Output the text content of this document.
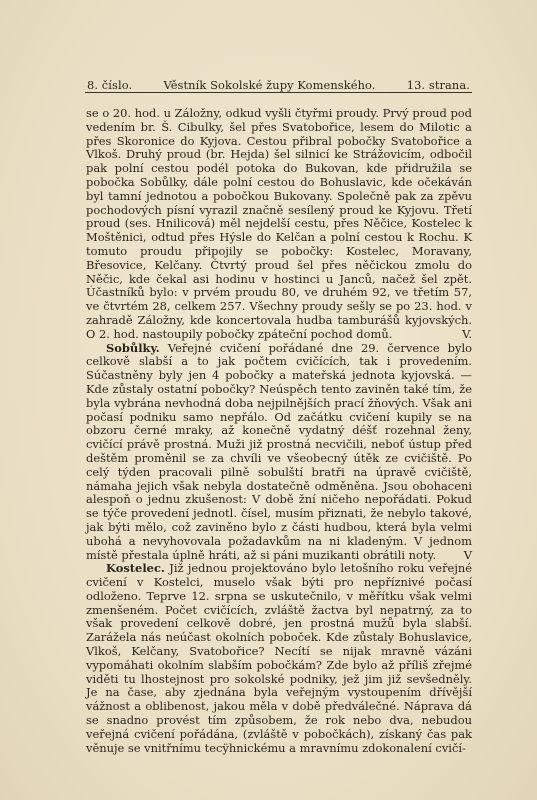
8. číslo.	Věstník Sokolské župy Komenského.	13. strana.

se o 20. hod. u Záložny, odkud vyšli čtyřmi proudy. Prvý proud pod vedením br. Š. Cibulky, šel přes Svatobořice, lesem do Milotic a přes Skoronice do Kyjova. Cestou přibral pobočky Svatobořice a Vlkoš. Druhý proud (br. Hejda) šel silnicí ke Strážovicím, odbočil pak polní cestou podél potoka do Bukovan, kde přidružila se pobočka Sobůlky, dále polní cestou do Bohuslavic, kde očekáván byl tamní jednotou a pobočkou Bukovany. Společně pak za zpěvu pochodových písní vyrazil značně sesílený proud ke Kyjovu. Třetí proud (ses. Hnilicová) měl nejdelší cestu, přes Něčice, Kostelec k Moštěnici, odtud přes Hýsle do Kelčan a polní cestou k Rochu. K tomuto proudu připojily se pobočky: Kostelec, Moravany, Břesovice, Kelčany. Čtvrtý proud šel přes něčickou zmolu do Něčic, kde čekal asi hodinu v hostinci u Janců, načež šel zpět. Účastníků bylo: v prvém proudu 80, ve druhém 92, ve třetím 57, ve čtvrtém 28, celkem 257. Všechny proudy sešly se po 23. hod. v zahradě Záložny, kde koncertovala hudba tamburášů kyjovských. O 2. hod. nastoupily pobočky zpáteční pochod domů.	V.

Sobůlky. Veřejné cvičení pořádané dne 29. července bylo celkově slabší a to jak počtem cvičících, tak i provedením. Súčastněny byly jen 4 pobočky a mateřská jednota kyjovská. — Kde zůstaly ostatní pobočky? Neúspěch tento zaviněn také tím, že byla vybrána nevhodná doba nejpilnějších prací žňových. Však ani počasí podniku samo nepřálo. Od začátku cvičení kupily se na obzoru černé mraky, až konečně vydatný déšť rozehnal ženy, cvičící právě prostná. Muži již prostná necvičili, neboť ústup před deštěm proměnil se za chvíli ve všeobecný útěk ze cvičiště. Po celý týden pracovali pilně sobulští bratři na úpravě cvičiště, námaha jejich však nebyla dostatečně odměněna. Jsou obohaceni alespoň o jednu zkušenost: V době žní ničeho nepořádati. Pokud se týče provedení jednotl. čísel, musím přiznati, že nebylo takové, jak býti mělo, což zaviněno bylo z části hudbou, která byla velmi ubohá a nevyhovovala požadavkům na ni kladeným. V jednom místě přestala úplně hráti, až si páni muzikanti obrátili noty.	V

Kostelec. Již jednou projektováno bylo letošního roku veřejné cvičení v Kostelci, muselo však býti pro nepříznivé počasí odloženo. Teprve 12. srpna se uskutečnilo, v měřítku však velmi zmenšeném. Počet cvičících, zvláště žactva byl nepatrný, za to však provedení celkově dobré, jen prostná mužů byla slabší. Zarážela nás neúčast okolních poboček. Kde zůstaly Bohuslavice, Vlkoš, Kelčany, Svatobořice? Necítí se nijak mravně vázáni vypomáhati okolním slabším pobočkám? Zde bylo až příliš zřejmé viděti tu lhostejnost pro sokolské podniky, jež jim již sevšedněly. Je na čase, aby zjednána byla veřejným vystoupením dřívější vážnost a oblibenost, jakou měla v době předválečné. Náprava dá se snadno provést tím způsobem, že rok nebo dva, nebudou veřejná cvičení pořádána, (zvláště v pobočkách), získaný čas pak věnuje se vnitřnímu tecÿhnickému a mravnímu zdokonalení cvičí-
